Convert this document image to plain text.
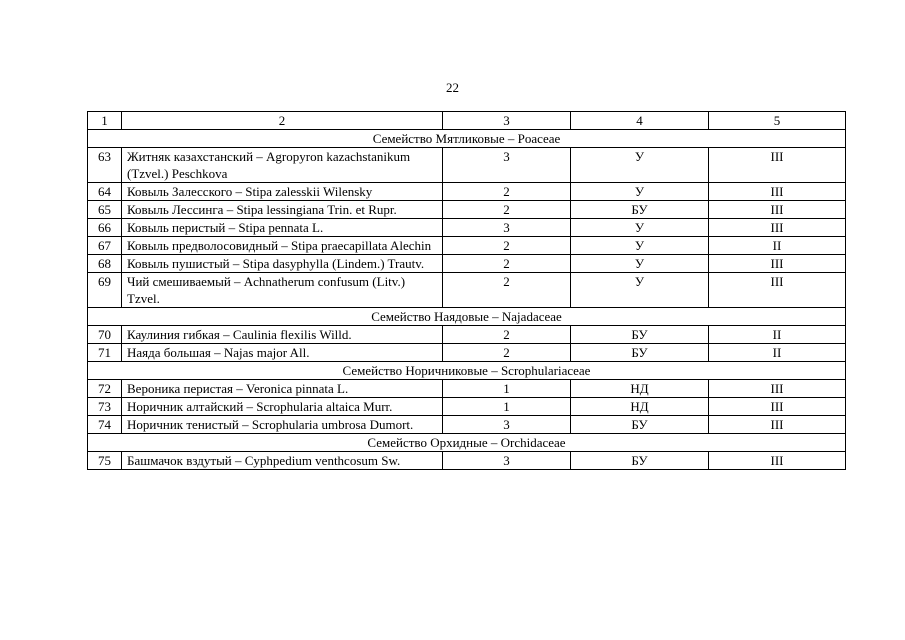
22
1	2	3	4	5
Семейство Мятликовые – Poaceae				
63	Житняк казахстанский – Agropyron kazachstanikum (Tzvel.) Peschkova	3	У	III
64	Ковыль Залесского – Stipa zalesskii Wilensky	2	У	III
65	Ковыль Лессинга – Stipa lessingiana Trin. et Rupr.	2	БУ	III
66	Ковыль перистый – Stipa pennata L.	3	У	III
67	Ковыль предволосовидный – Stipa praecapillata Alechin	2	У	II
68	Ковыль пушистый – Stipa dasyphylla (Lindem.) Trautv.	2	У	III
69	Чий смешиваемый – Achnatherum confusum (Litv.) Tzvel.	2	У	III
Семейство Наядовые – Najadaceae				
70	Каулиния гибкая – Caulinia flexilis Willd.	2	БУ	II
71	Наяда большая – Najas major All.	2	БУ	II
Семейство Норичниковые – Scrophulariaceae				
72	Вероника перистая – Veronica pinnata L.	1	НД	III
73	Норичник алтайский – Scrophularia altaica Murr.	1	НД	III
74	Норичник тенистый – Scrophularia umbrosa Dumort.	3	БУ	III
Семейство Орхидные – Orchidaceae				
75	Башмачок вздутый – Cyphpedium venthcosum Sw.	3	БУ	III
